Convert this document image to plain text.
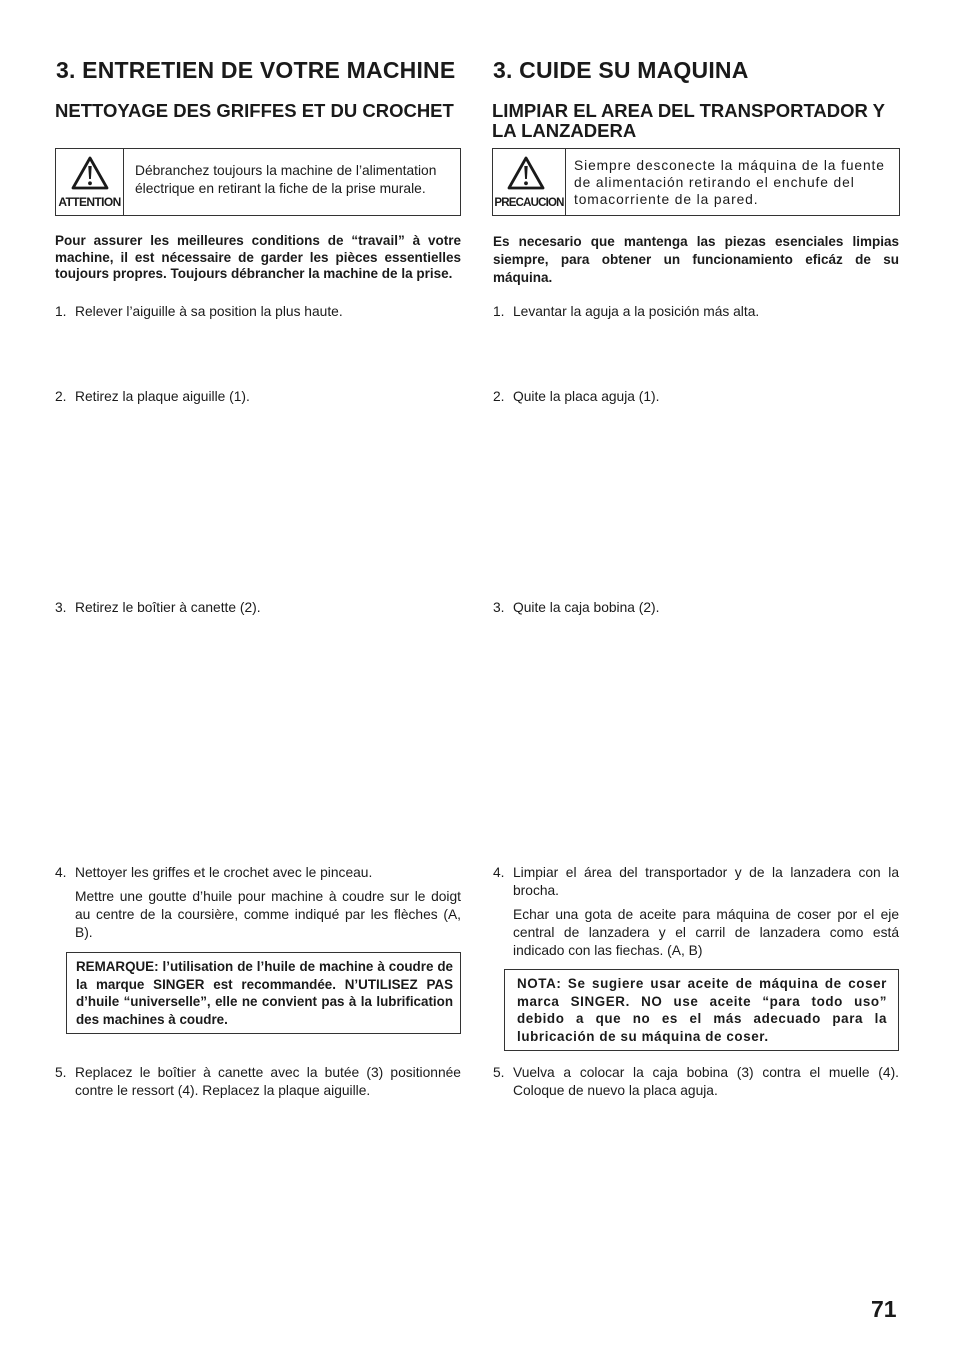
3. ENTRETIEN DE VOTRE MACHINE
NETTOYAGE DES GRIFFES ET DU CROCHET
ATTENTION
Débranchez toujours la machine de l’alimentation électrique en retirant la fiche de la prise murale.
Pour assurer les meilleures conditions de “travail” à votre machine, il est nécessaire de garder les pièces essentielles toujours propres. Toujours débrancher la machine de la prise.
1. Relever l’aiguille à sa position la plus haute.

2. Retirez la plaque aiguille (1).

3. Retirez le boîtier à canette (2).

4. Nettoyer les griffes et le crochet avec le pinceau.

Mettre une goutte d’huile pour machine à coudre sur le doigt au centre de la coursière, comme indiqué par les flèches (A, B).

REMARQUE: l’utilisation de l’huile de machine à coudre de la marque SINGER est recommandée. N’UTILISEZ PAS d’huile “universelle”, elle ne convient pas à la lubrification des machines à coudre.
5. Replacez le boîtier à canette avec la butée (3) positionnée contre le ressort (4). Replacez la plaque aiguille.

3. CUIDE SU MAQUINA
LIMPIAR EL AREA DEL TRANSPORTADOR Y LA LANZADERA
PRECAUCION
Siempre desconecte la máquina de la fuente de alimentación retirando el enchufe del tomacorriente de la pared.
Es necesario que mantenga las piezas esenciales limpias siempre, para obtener un funcionamiento eficáz de su máquina.
1. Levantar la aguja a la posición más alta.

2. Quite la placa aguja (1).

3. Quite la caja bobina (2).

4. Limpiar el área del transportador y de la lanzadera con la brocha.

Echar una gota de aceite para máquina de coser por el eje central de lanzadera y el carril de lanzadera como está indicado con las fiechas. (A, B)

NOTA: Se sugiere usar aceite de máquina de coser marca SINGER. NO use aceite “para todo uso” debido a que no es el más adecuado para la lubricación de su máquina de coser.
5. Vuelva a colocar la caja bobina (3) contra el muelle (4). Coloque de nuevo la placa aguja.

71
